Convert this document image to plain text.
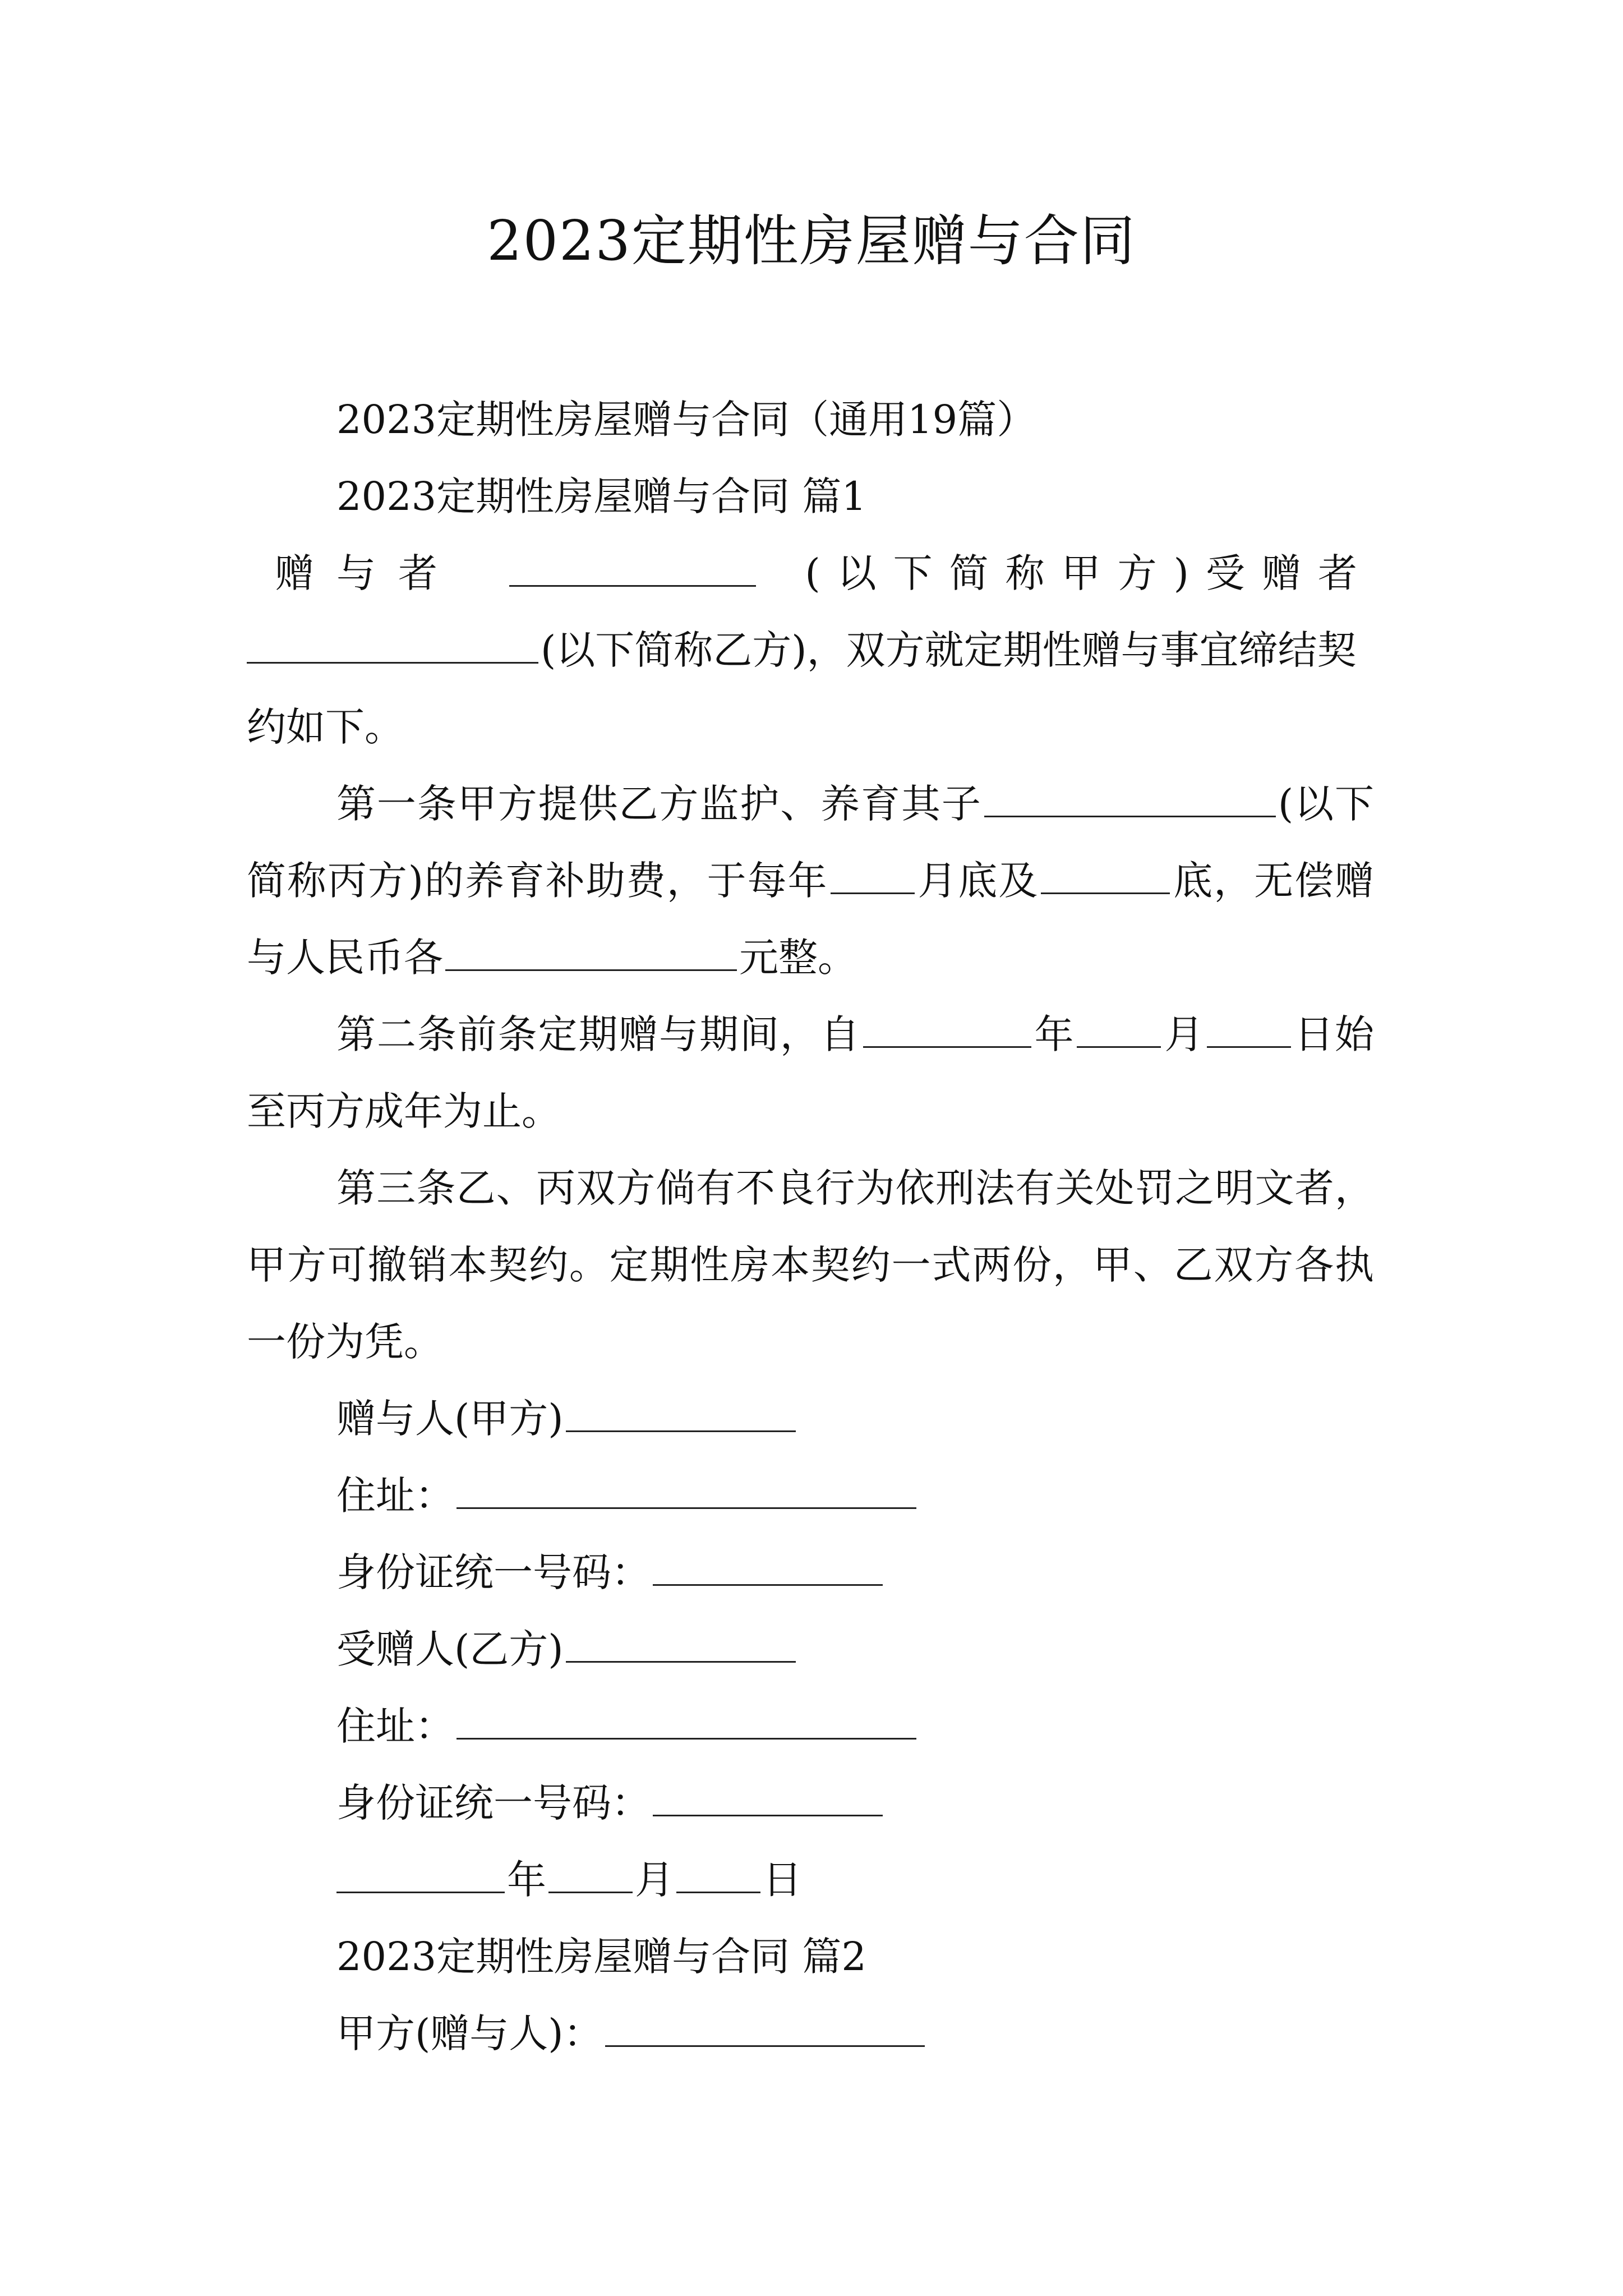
2023定期性房屋赠与合同

2023定期性房屋赠与合同（通用19篇）

2023定期性房屋赠与合同 篇1

赠与者	(以下简称甲方)受赠者

(以下简称乙方)，双方就定期性赠与事宜缔结契约如下。

第一条甲方提供乙方监护、养育其子	(以下简称丙方)的养育补助费，于每年 月底及	底，无偿赠与人民币各	元整。

第二条前条定期赠与期间，自	年 月 日始至丙方成年为止。

第三条乙、丙双方倘有不良行为依刑法有关处罚之明文者，甲方可撤销本契约。定期性房本契约一式两份，甲、乙双方各执一份为凭。

赠与人(甲方)

住址：

身份证统一号码：

受赠人(乙方)

住址：

身份证统一号码：

年 月 日

2023定期性房屋赠与合同 篇2

甲方(赠与人)：
